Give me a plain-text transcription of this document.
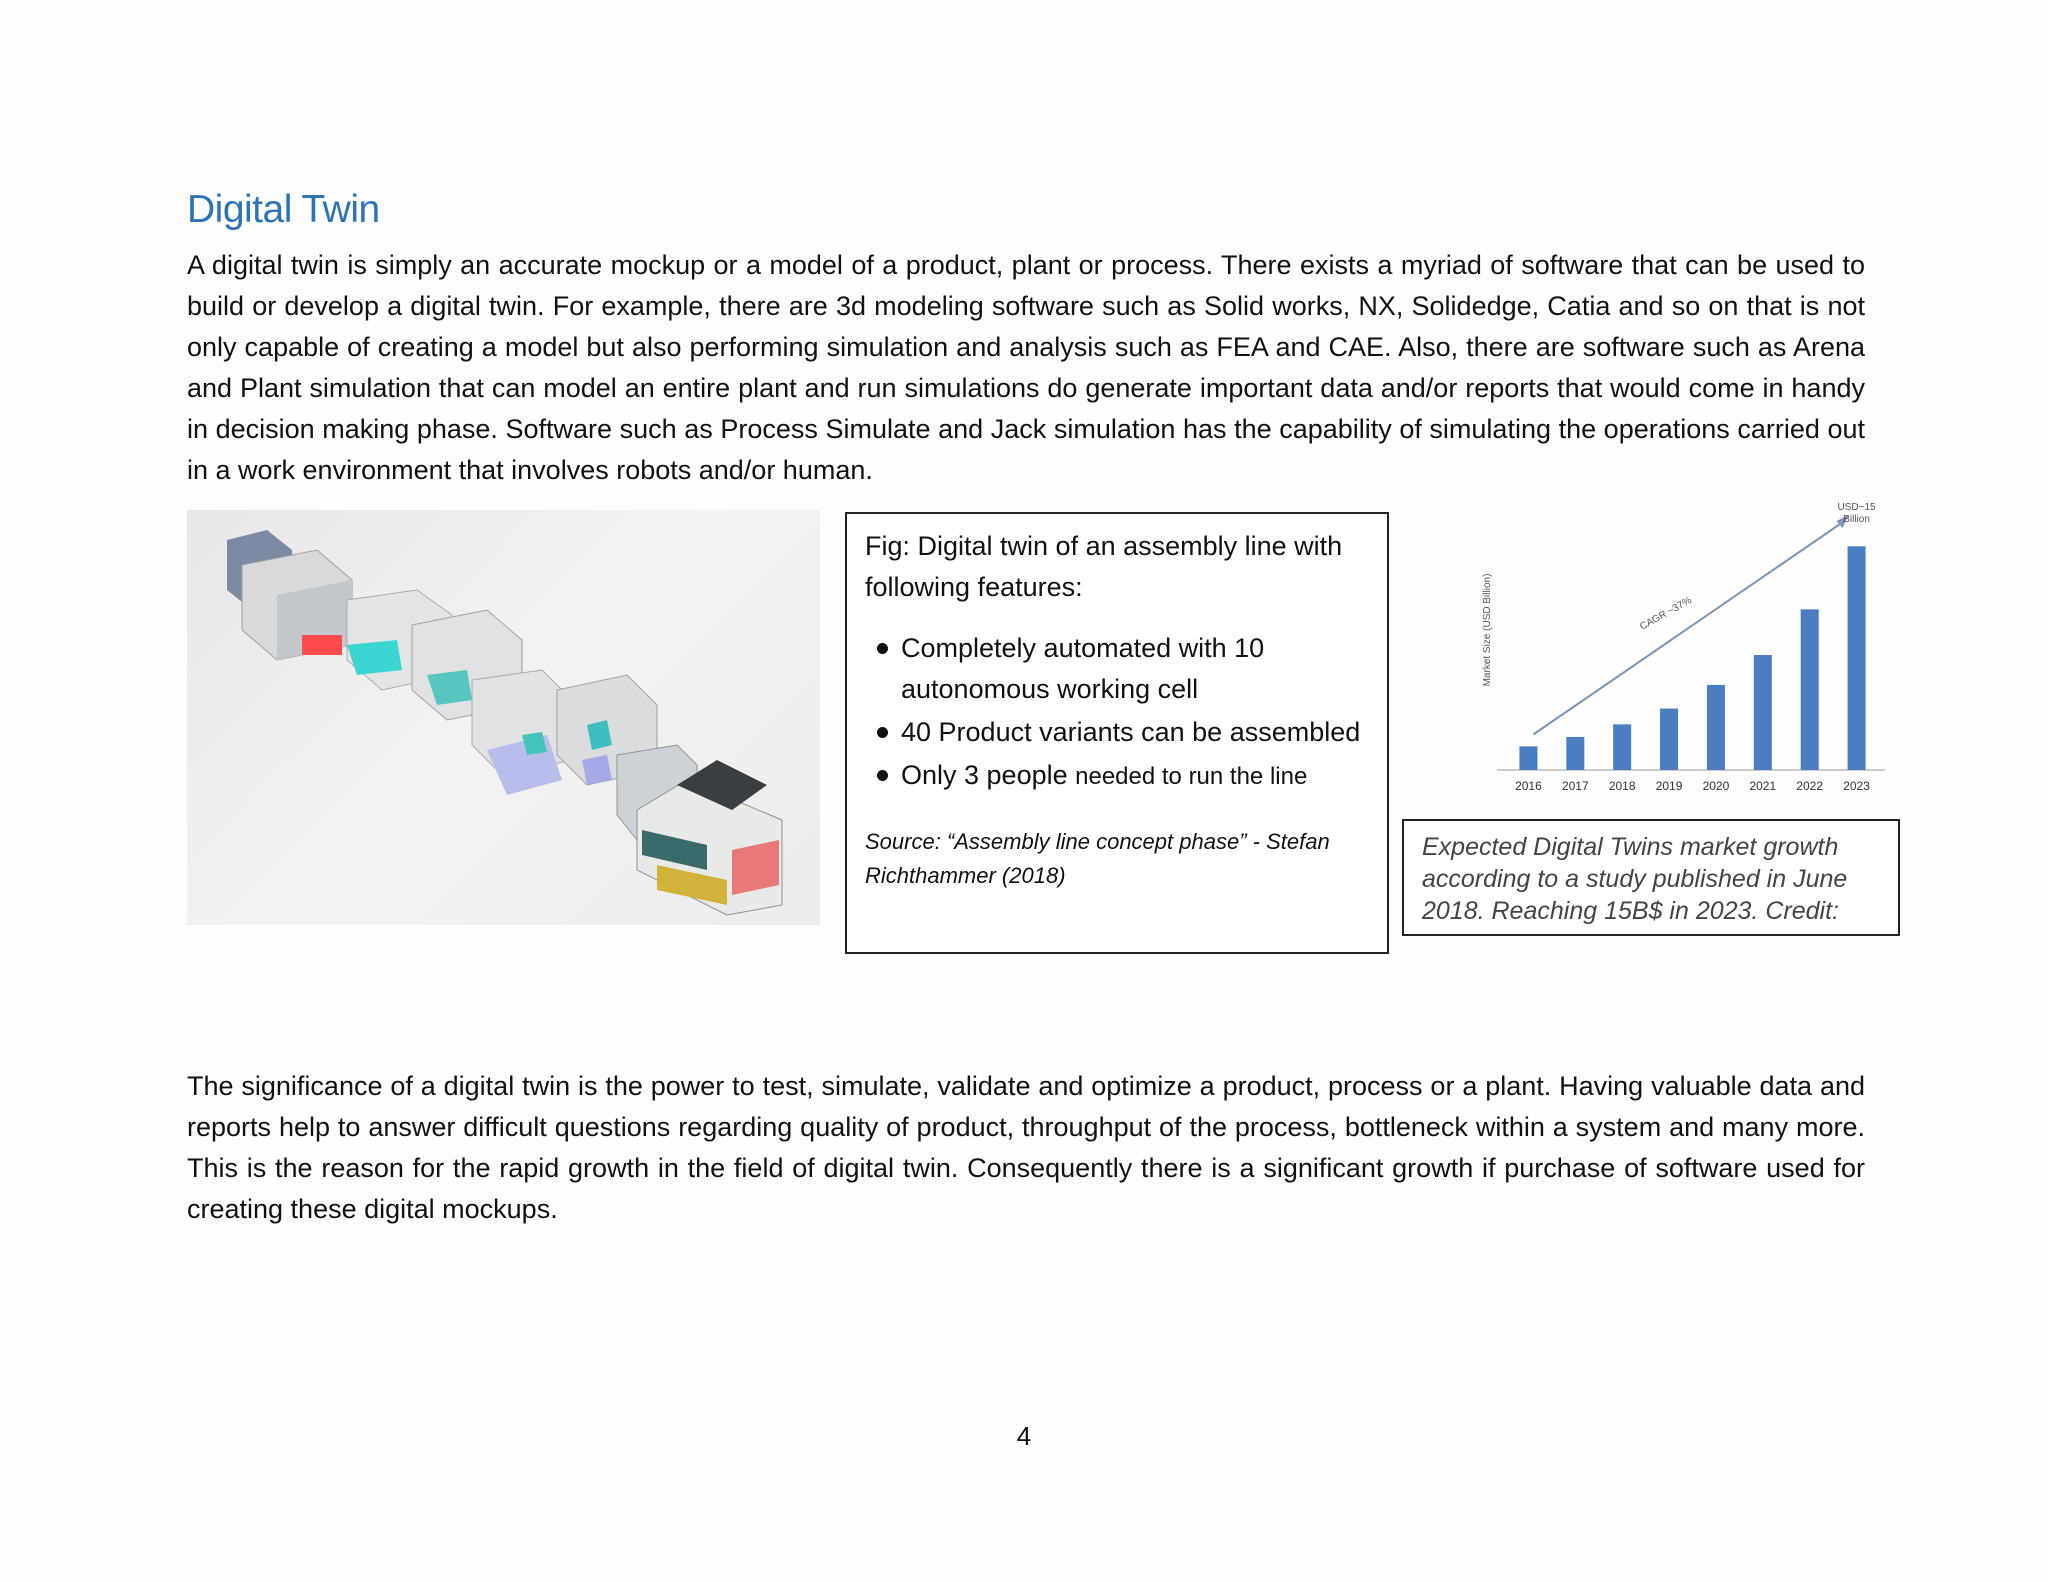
Digital Twin

A digital twin is simply an accurate mockup or a model of a product, plant or process. There exists a myriad of software that can be used to build or develop a digital twin. For example, there are 3d modeling software such as Solid works, NX, Solidedge, Catia and so on that is not only capable of creating a model but also performing simulation and analysis such as FEA and CAE. Also, there are software such as Arena and Plant simulation that can model an entire plant and run simulations do generate important data and/or reports that would come in handy in decision making phase. Software such as Process Simulate and Jack simulation has the capability of simulating the operations carried out in a work environment that involves robots and/or human.

Fig: Digital twin of an assembly line with following features:

Completely automated with 10 autonomous working cell
40 Product variants can be assembled
Only 3 people needed to run the line
Source: “Assembly line concept phase” - Stefan Richthammer (2018)
2016 2017 2018 2019 2020 2021 2022 2023
CAGR ~37%
USD~15
Billion
Market Size (USD Billion)
Expected Digital Twins market growth according to a study published in June 2018. Reaching 15B$ in 2023. Credit:

The significance of a digital twin is the power to test, simulate, validate and optimize a product, process or a plant. Having valuable data and reports help to answer difficult questions regarding quality of product, throughput of the process, bottleneck within a system and many more. This is the reason for the rapid growth in the field of digital twin. Consequently there is a significant growth if purchase of software used for creating these digital mockups.

4
